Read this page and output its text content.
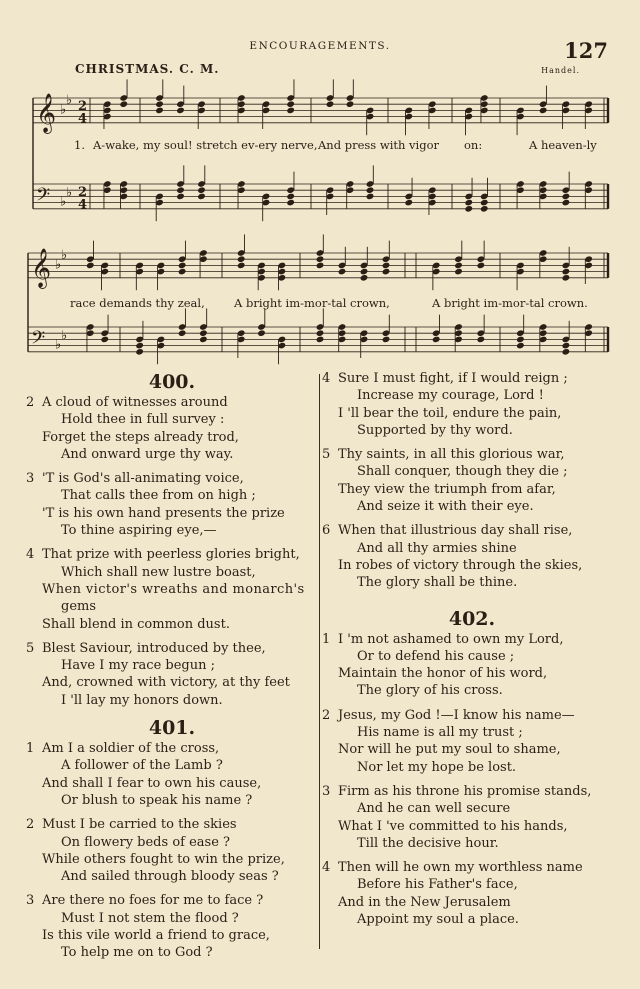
ENCOURAGEMENTS.	127
CHRISTMAS. C. M.	Handel.
𝄞 ♭
♭ 2
4
𝄢 ♭
♭ 2
4
𝄞 ♭
♭
𝄢 ♭
♭
1. A-wake, my soul! stretch ev-ery nerve, And press with vigor on:	A heaven-ly
race demands thy zeal,	A bright im-mor-tal crown,	A bright im-mor-tal crown.
400.
2 A cloud of witnesses around
Hold thee in full survey :
Forget the steps already trod,
And onward urge thy way.
3 'T is God's all-animating voice,
That calls thee from on high ;
'T is his own hand presents the prize
To thine aspiring eye,—
4 That prize with peerless glories bright,
Which shall new lustre boast,
When victor's wreaths and monarch's
gems
Shall blend in common dust.
5 Blest Saviour, introduced by thee,
Have I my race begun ;
And, crowned with victory, at thy feet
I 'll lay my honors down.
401.
1 Am I a soldier of the cross,
A follower of the Lamb ?
And shall I fear to own his cause,
Or blush to speak his name ?
2 Must I be carried to the skies
On flowery beds of ease ?
While others fought to win the prize,
And sailed through bloody seas ?
3 Are there no foes for me to face ?
Must I not stem the flood ?
Is this vile world a friend to grace,
To help me on to God ?
4 Sure I must fight, if I would reign ;
Increase my courage, Lord !
I 'll bear the toil, endure the pain,
Supported by thy word.
5 Thy saints, in all this glorious war,
Shall conquer, though they die ;
They view the triumph from afar,
And seize it with their eye.
6 When that illustrious day shall rise,
And all thy armies shine
In robes of victory through the skies,
The glory shall be thine.
402.
1 I 'm not ashamed to own my Lord,
Or to defend his cause ;
Maintain the honor of his word,
The glory of his cross.
2 Jesus, my God !—I know his name—
His name is all my trust ;
Nor will he put my soul to shame,
Nor let my hope be lost.
3 Firm as his throne his promise stands,
And he can well secure
What I 've committed to his hands,
Till the decisive hour.
4 Then will he own my worthless name
Before his Father's face,
And in the New Jerusalem
Appoint my soul a place.
